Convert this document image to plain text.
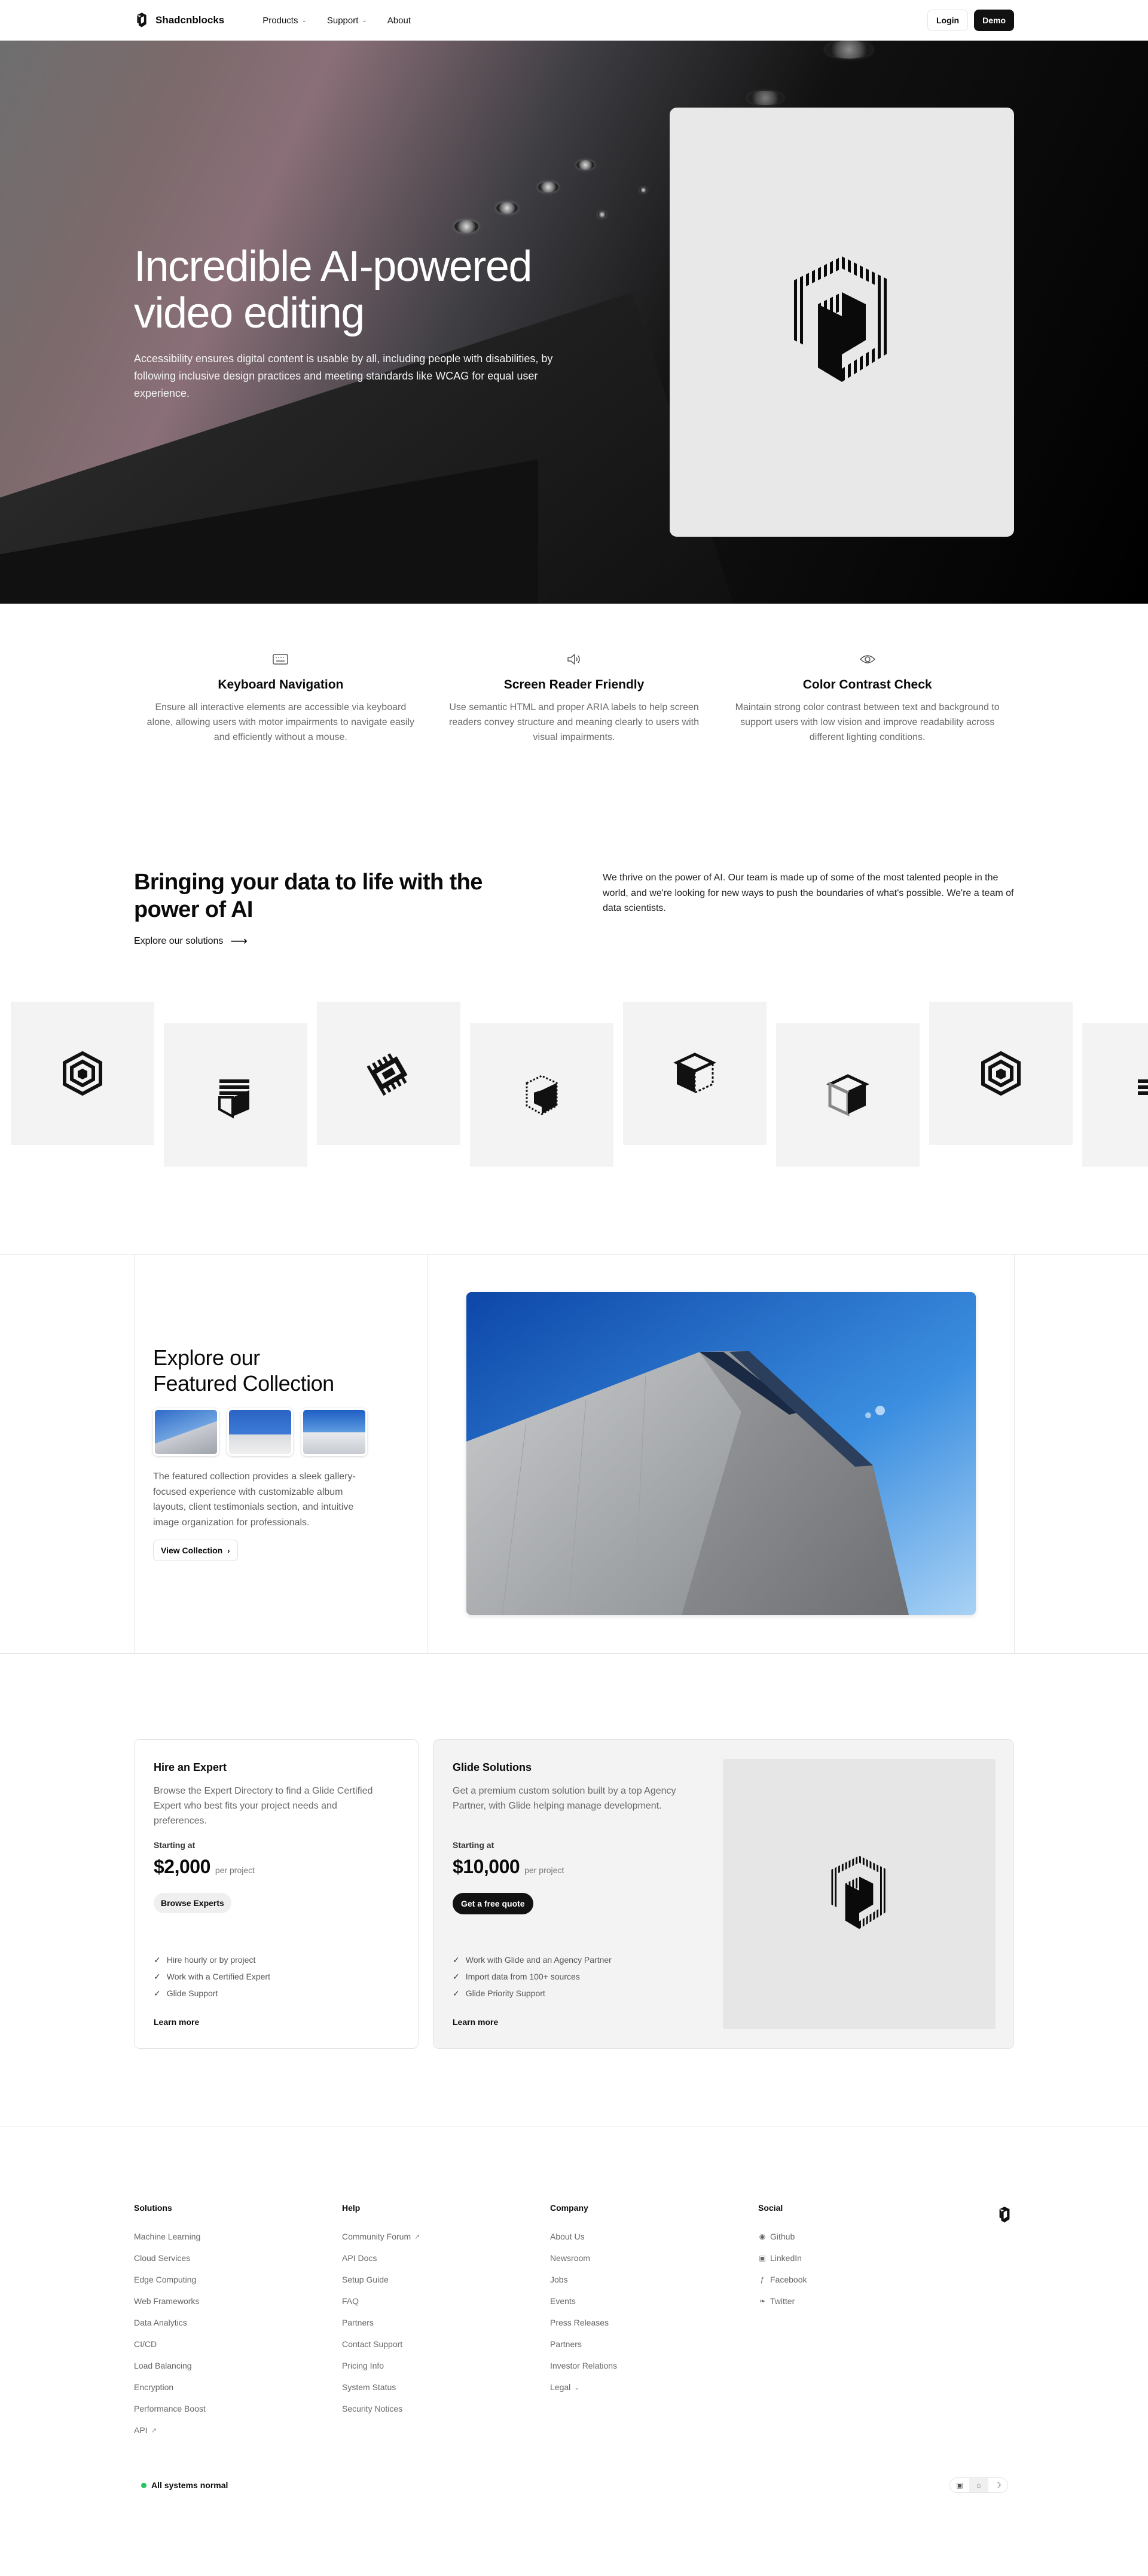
Shadcnblocks	Products ⌄ Support ⌄ About	Login	Demo
Incredible AI-powered video editing

Accessibility ensures digital content is usable by all, including people with disabilities, by following inclusive design practices and meeting standards like WCAG for equal user experience.

Keyboard Navigation
Ensure all interactive elements are accessible via keyboard alone, allowing users with motor impairments to navigate easily and efficiently without a mouse.
Screen Reader Friendly
Use semantic HTML and proper ARIA labels to help screen readers convey structure and meaning clearly to users with visual impairments.
Color Contrast Check
Maintain strong color contrast between text and background to support users with low vision and improve readability across different lighting conditions.
Bringing your data to life with the power of AI
Explore our solutions ⟶

We thrive on the power of AI. Our team is made up of some of the most talented people in the world, and we're looking for new ways to push the boundaries of what's possible. We're a team of data scientists.

Explore our
Featured Collection

The featured collection provides a sleek gallery-focused experience with customizable album layouts, client testimonials section, and intuitive image organization for professionals.

View Collection ›
Hire an Expert
Browse the Expert Directory to find a Glide Certified Expert who best fits your project needs and preferences.
Starting at
$2,000 per project
Browse Experts
✓ Hire hourly or by project
✓ Work with a Certified Expert
✓ Glide Support
Learn more
Glide Solutions
Get a premium custom solution built by a top Agency Partner, with Glide helping manage development.
Starting at
$10,000 per project
Get a free quote
✓ Work with Glide and an Agency Partner
✓ Import data from 100+ sources
✓ Glide Priority Support
Learn more
Solutions
Machine Learning
Cloud Services
Edge Computing
Web Frameworks
Data Analytics
CI/CD
Load Balancing
Encryption
Performance Boost
API ↗
Help
Community Forum ↗
API Docs
Setup Guide
FAQ
Partners
Contact Support
Pricing Info
System Status
Security Notices
Company
About Us
Newsroom
Jobs
Events
Press Releases
Partners
Investor Relations
Legal ⌄
Social
◉ Github
▣ LinkedIn
ƒ Facebook
❧ Twitter
All systems normal	▣	☼	☽
